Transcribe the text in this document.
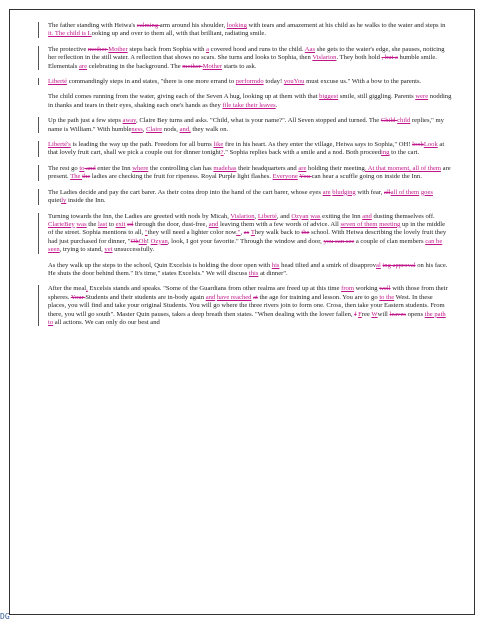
The father standing with Heiwa's calming arm around his shoulder, looking with tears and amazement at his child as he walks to the water and steps in it. The child is Looking up and over to them all, with that brilliant, radiating smile.
The protective mother Mother steps back from Sophia with a covered hood and runs to the child. Aas she gets to the water's edge, she pauses, noticing her reflection in the still water. A reflection that shows no scars. She turns and looks to Sophia, then Vislarion. They both hold , but a humble smile. Elementals are celebrating in the background. The mother Mother starts to ask.
Liberté commandingly steps in and states, "there is one more errand to performdo today! youYou must excuse us." With a bow to the parents.
The child comes running from the water, giving each of the Seven A hug, looking up at them with that biggest smile, still giggling. Parents were nodding in thanks and tears in their eyes, shaking each one's hands as they file take their leaves.
Up the path just a few steps away, Claire Bey turns and asks. "Child, what is your name?". All Seven stopped and turned. The Child child replies," my name is William." With humbleness, Claire nods, and, they walk on.
Liberté's is leading the way up the path. Freedom for all burns like fire in his heart. As they enter the village, Heiwa says to Sophia," OH! lookLook at that lovely fruit cart, shall we pick a couple out for dinner tonight?." Sophia replies back with a smile and a nod. Both proceeding to the cart.
The rest go to and enter the Inn where the controlling clan has madehas their headquarters and are holding their meeting. At that moment, all of them are present. The the ladies are checking the fruit for ripeness. Royal Purple light flashes. Everyone You can hear a scuffle going on inside the Inn.
The Ladies decide and pay the cart barer. As their coins drop into the hand of the cart barer, whose eyes are bludging with fear, allall of them goes quietly inside the Inn.
Turning towards the Inn, the Ladies are greeted with nods by Micah, Vislarion, Liberté, and Ozyan was exiting the Inn and dusting themselves off. ClarieBey was the last to exit ed through the door, dust-free, and leaving them with a few words of advice. All seven of them meeting up in the middle of the street. Sophia mentions to all, "they will need a lighter color now.", as They walk back to the school. With Heiwa describing the lovely fruit they had just purchased for dinner, "OhOh! Ozyan, look, I got your favorite." Through the window and door, you can see a couple of clan members can be seen, trying to stand, yet unsuccessfully.
As they walk up the steps to the school, Quin Excelsis is holding the door open with his head tilted and a smirk of disapproval ing approval on his face. He shuts the door behind them." It's time," states Excelsis." We will discuss this at dinner".
After the meal, Excelsis stands and speaks. "Some of the Guardians from other realms are freed up at this time from working well with those from their spheres. Your Students and their students are in-body again and have reached at the age for training and lesson. You are to go to the West. In these places, you will find and take your original Students. You will go where the three rivers join to form one. Cross, then take your Eastern students. From there, you will go south". Master Quin pauses, takes a deep breath then states. "When dealing with the lower fallen, f Free Wwill leaves opens the path to all actions. We can only do our best and
DG
